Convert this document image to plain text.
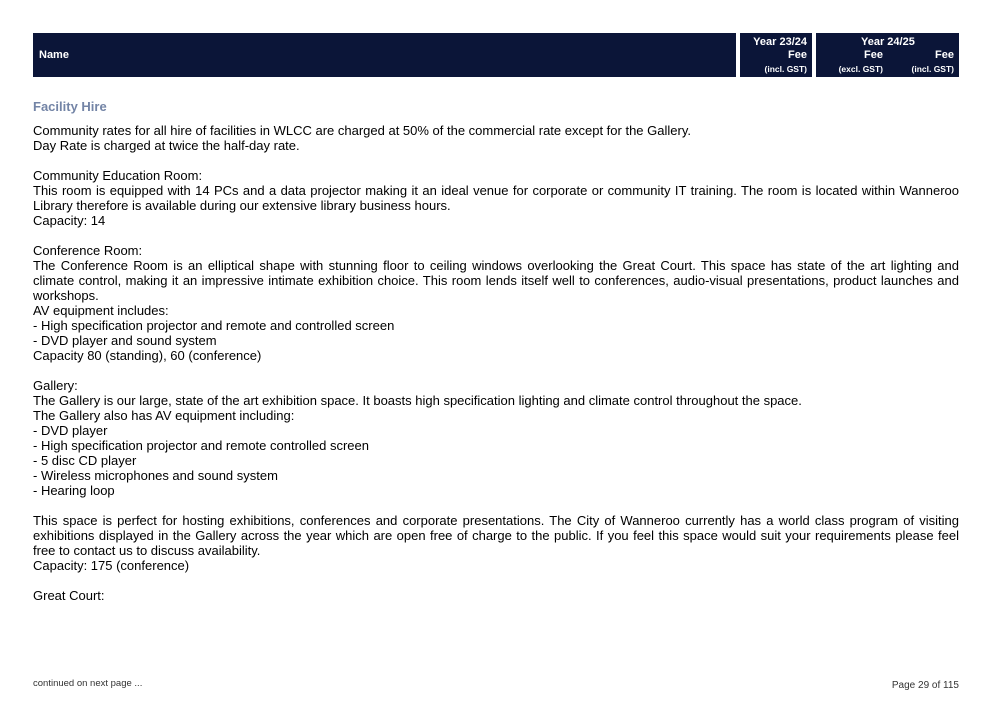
Name
Year 23/24
Fee
(incl. GST)
Year 24/25
Fee
(excl. GST)
Fee
(incl. GST)
Facility Hire

Community rates for all hire of facilities in WLCC are charged at 50% of the commercial rate except for the Gallery.

Day Rate is charged at twice the half-day rate.

Community Education Room:

This room is equipped with 14 PCs and a data projector making it an ideal venue for corporate or community IT training. The room is located within Wanneroo Library therefore is available during our extensive library business hours.

Capacity: 14

Conference Room:

The Conference Room is an elliptical shape with stunning floor to ceiling windows overlooking the Great Court. This space has state of the art lighting and climate control, making it an impressive intimate exhibition choice. This room lends itself well to conferences, audio-visual presentations, product launches and workshops.

AV equipment includes:

- High specification projector and remote and controlled screen

- DVD player and sound system

Capacity 80 (standing), 60 (conference)

Gallery:

The Gallery is our large, state of the art exhibition space. It boasts high specification lighting and climate control throughout the space.

The Gallery also has AV equipment including:

- DVD player

- High specification projector and remote controlled screen

- 5 disc CD player

- Wireless microphones and sound system

- Hearing loop

This space is perfect for hosting exhibitions, conferences and corporate presentations. The City of Wanneroo currently has a world class program of visiting exhibitions displayed in the Gallery across the year which are open free of charge to the public. If you feel this space would suit your requirements please feel free to contact us to discuss availability.

Capacity: 175 (conference)

Great Court:

continued on next page ...	Page 29 of 115
